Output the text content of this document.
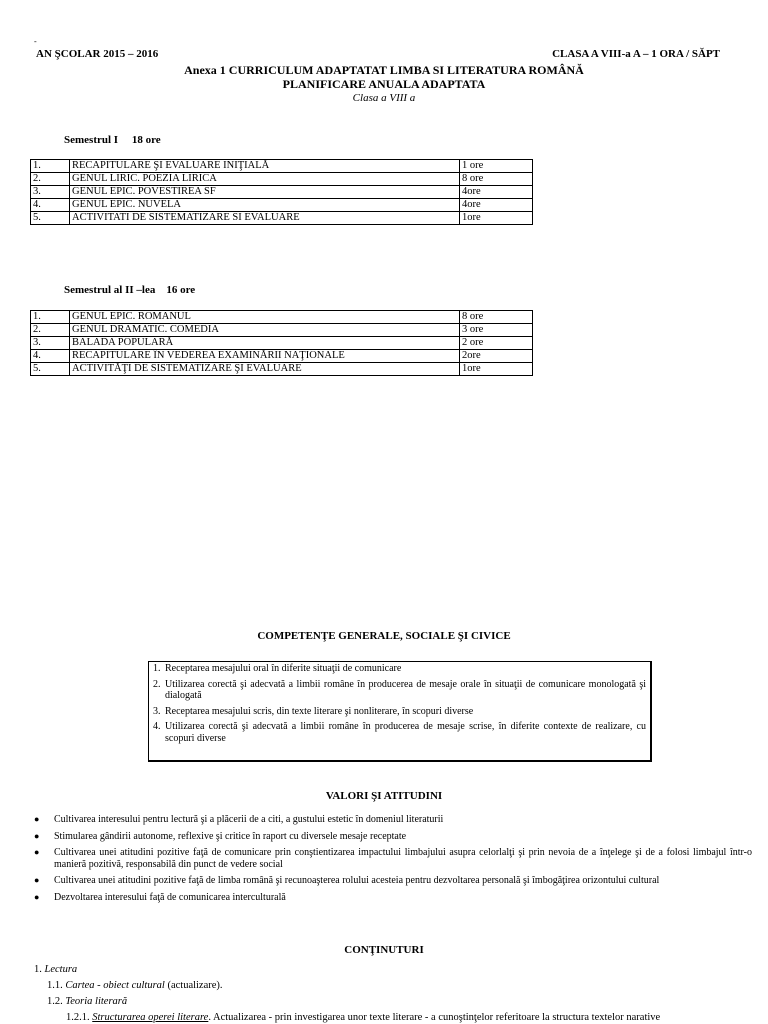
-
AN ŞCOLAR 2015 – 2016	CLASA A VIII-a A – 1 ORA / SĂPT
Anexa 1 CURRICULUM ADAPTATAT LIMBA SI LITERATURA ROMÂNĂ
PLANIFICARE ANUALA ADAPTATA
Clasa a VIII a
Semestrul I     18 ore
1.	RECAPITULARE ŞI EVALUARE INIŢIALĂ	1 ore
2.	GENUL LIRIC. POEZIA LIRICA	8 ore
3.	GENUL EPIC. POVESTIREA SF	4ore
4.	GENUL EPIC. NUVELA	4ore
5.	ACTIVITATI DE SISTEMATIZARE SI EVALUARE	1ore
Semestrul al II –lea    16 ore
1.	GENUL EPIC. ROMANUL	8 ore
2.	GENUL DRAMATIC. COMEDIA	3 ore
3.	BALADA POPULARĂ	2 ore
4.	RECAPITULARE ÎN VEDEREA EXAMINĂRII NAŢIONALE	2ore
5.	ACTIVITĂŢI DE SISTEMATIZARE ŞI EVALUARE	1ore
COMPETENŢE GENERALE, SOCIALE ŞI CIVICE
1. Receptarea mesajului oral în diferite situaţii de comunicare
2. Utilizarea corectă şi adecvată a limbii române în producerea de mesaje orale în situaţii de comunicare monologată şi dialogată
3. Receptarea mesajului scris, din texte literare şi nonliterare, în scopuri diverse
4. Utilizarea corectă şi adecvată a limbii române în producerea de mesaje scrise, în diferite contexte de realizare, cu scopuri diverse
VALORI ŞI ATITUDINI
● Cultivarea interesului pentru lectură şi a plăcerii de a citi, a gustului estetic în domeniul literaturii
● Stimularea gândirii autonome, reflexive şi critice în raport cu diversele mesaje receptate
● Cultivarea unei atitudini pozitive faţă de comunicare prin conştientizarea impactului limbajului asupra celorlalţi şi prin nevoia de a înţelege şi de a folosi limbajul într-o manieră pozitivă, responsabilă din punct de vedere social
● Cultivarea unei atitudini pozitive faţă de limba română şi recunoaşterea rolului acesteia pentru dezvoltarea personală şi îmbogăţirea orizontului cultural
● Dezvoltarea interesului faţă de comunicarea interculturală
CONŢINUTURI
1. Lectura
1.1. Cartea - obiect cultural (actualizare).
1.2. Teoria literară
1.2.1. Structurarea operei literare. Actualizarea - prin investigarea unor texte literare - a cunoştinţelor referitoare la structura textelor narative
